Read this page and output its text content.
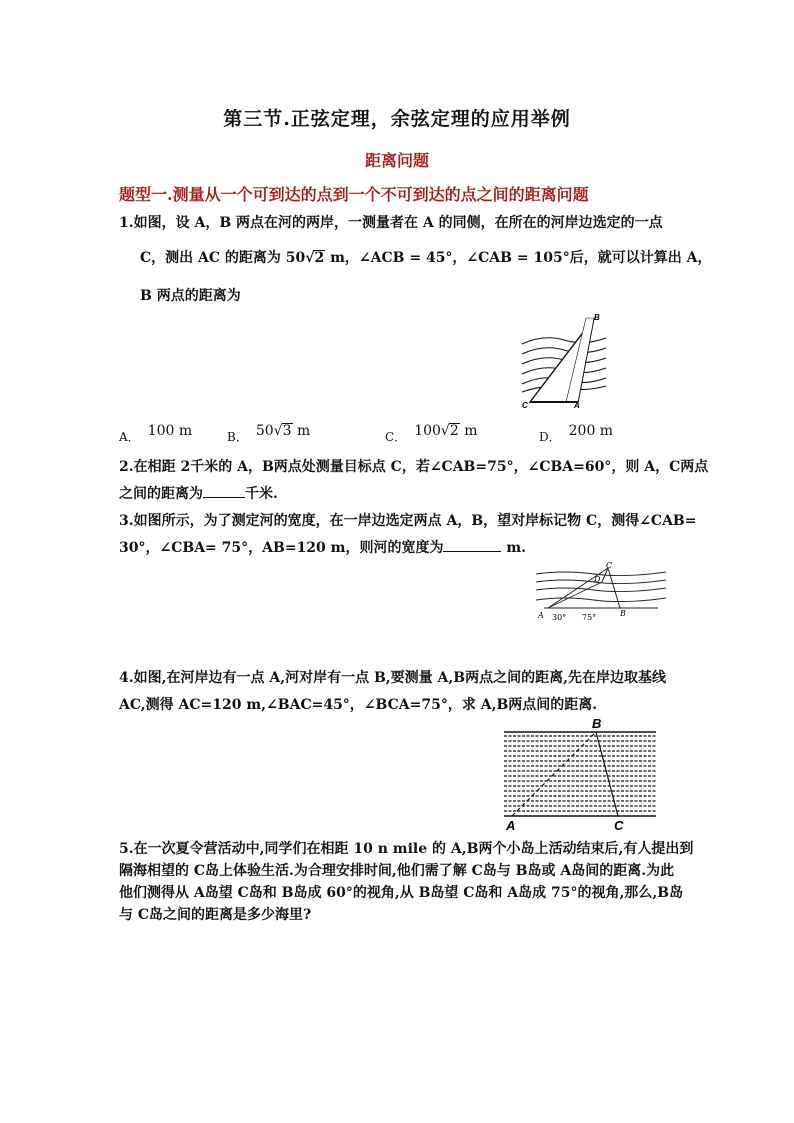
第三节.正弦定理，余弦定理的应用举例
距离问题
题型一.测量从一个可到达的点到一个不可到达的点之间的距离问题
1.如图，设 A，B 两点在河的两岸，一测量者在 A 的同侧，在所在的河岸边选定的一点
C，测出 AC 的距离为 50√2 m，∠ACB = 45°，∠CAB = 105°后，就可以计算出 A，
B 两点的距离为
B
C	A
A． 100 m	B． 50√3 m	C． 100√2 m	D． 200 m
2.在相距 2千米的 A，B两点处测量目标点 C，若∠CAB=75°，∠CBA=60°，则 A，C两点
之间的距离为	千米.
3.如图所示，为了测定河的宽度，在一岸边选定两点 A，B，望对岸标记物 C，测得∠CAB=
30°，∠CBA= 75°，AB=120 m，则河的宽度为	m.
C
D
A	B
30° 75°
4.如图,在河岸边有一点 A,河对岸有一点 B,要测量 A,B两点之间的距离,先在岸边取基线
AC,测得 AC=120 m,∠BAC=45°，∠BCA=75°，求 A,B两点间的距离.
B
A	C
5.在一次夏令营活动中,同学们在相距 10 n mile 的 A,B两个小岛上活动结束后,有人提出到
隔海相望的 C岛上体验生活.为合理安排时间,他们需了解 C岛与 B岛或 A岛间的距离.为此
他们测得从 A岛望 C岛和 B岛成 60°的视角,从 B岛望 C岛和 A岛成 75°的视角,那么,B岛
与 C岛之间的距离是多少海里?
